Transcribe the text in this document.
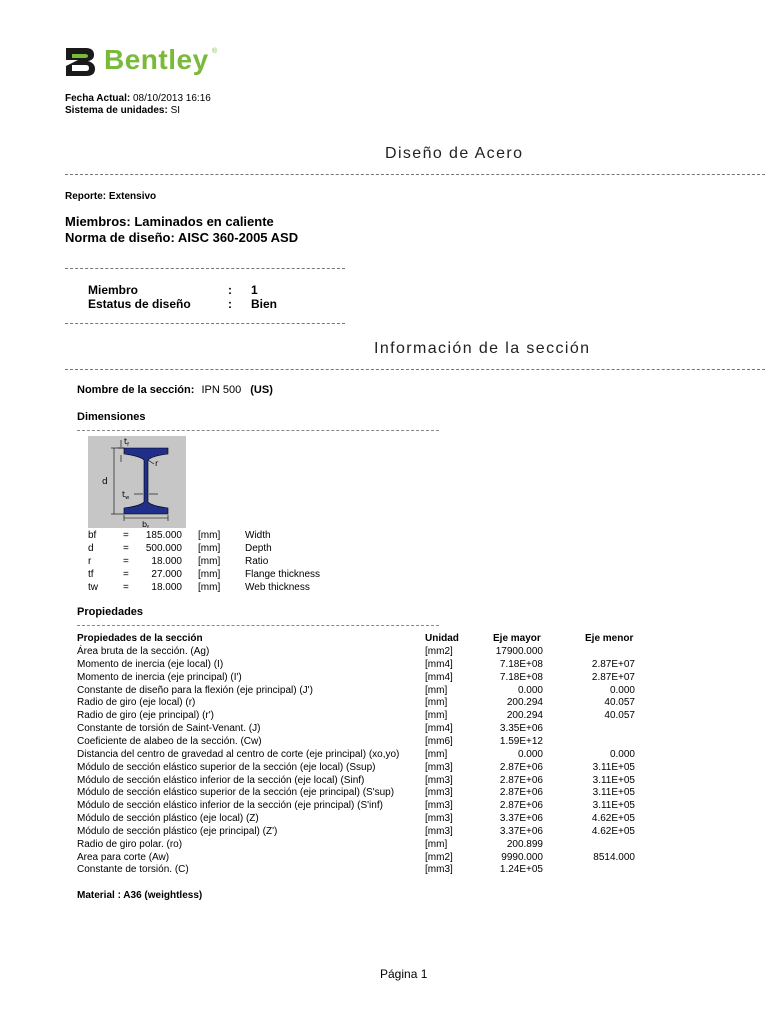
Bentley ®
Fecha Actual: 08/10/2013 16:16
Sistema de unidades: SI
Diseño de Acero
Reporte: Extensivo
Miembros: Laminados en caliente
Norma de diseño: AISC 360-2005 ASD
Miembro	: 1
Estatus de diseño	: Bien
Información de la sección
Nombre de la sección: IPN 500 (US)
Dimensiones
d
$t_f$
r
$t_w$
$b_f$
bf	=	185.000 [mm] Width
d	=	500.000 [mm] Depth
r	=	18.000 [mm] Ratio
tf	=	27.000 [mm] Flange thickness
tw	=	18.000 [mm] Web thickness
Propiedades
Propiedades de la sección	Unidad	Eje mayor	Eje menor
Área bruta de la sección. (Ag)	[mm2]	17900.000
Momento de inercia (eje local) (I)	[mm4]	7.18E+08	2.87E+07
Momento de inercia (eje principal) (I')	[mm4]	7.18E+08	2.87E+07
Constante de diseño para la flexión (eje principal) (J')	[mm]	0.000	0.000
Radio de giro (eje local) (r)	[mm]	200.294	40.057
Radio de giro (eje principal) (r')	[mm]	200.294	40.057
Constante de torsión de Saint-Venant. (J)	[mm4]	3.35E+06
Coeficiente de alabeo de la sección. (Cw)	[mm6]	1.59E+12
Distancia del centro de gravedad al centro de corte (eje principal) (xo,yo)	[mm]	0.000	0.000
Módulo de sección elástico superior de la sección (eje local) (Ssup)	[mm3]	2.87E+06	3.11E+05
Módulo de sección elástico inferior de la sección (eje local) (Sinf)	[mm3]	2.87E+06	3.11E+05
Módulo de sección elástico superior de la sección (eje principal) (S'sup)	[mm3]	2.87E+06	3.11E+05
Módulo de sección elástico inferior de la sección (eje principal) (S'inf)	[mm3]	2.87E+06	3.11E+05
Módulo de sección plástico (eje local) (Z)	[mm3]	3.37E+06	4.62E+05
Módulo de sección plástico (eje principal) (Z')	[mm3]	3.37E+06	4.62E+05
Radio de giro polar. (ro)	[mm]	200.899
Area para corte (Aw)	[mm2]	9990.000	8514.000
Constante de torsión. (C)	[mm3]	1.24E+05
Material : A36 (weightless)
Página 1
